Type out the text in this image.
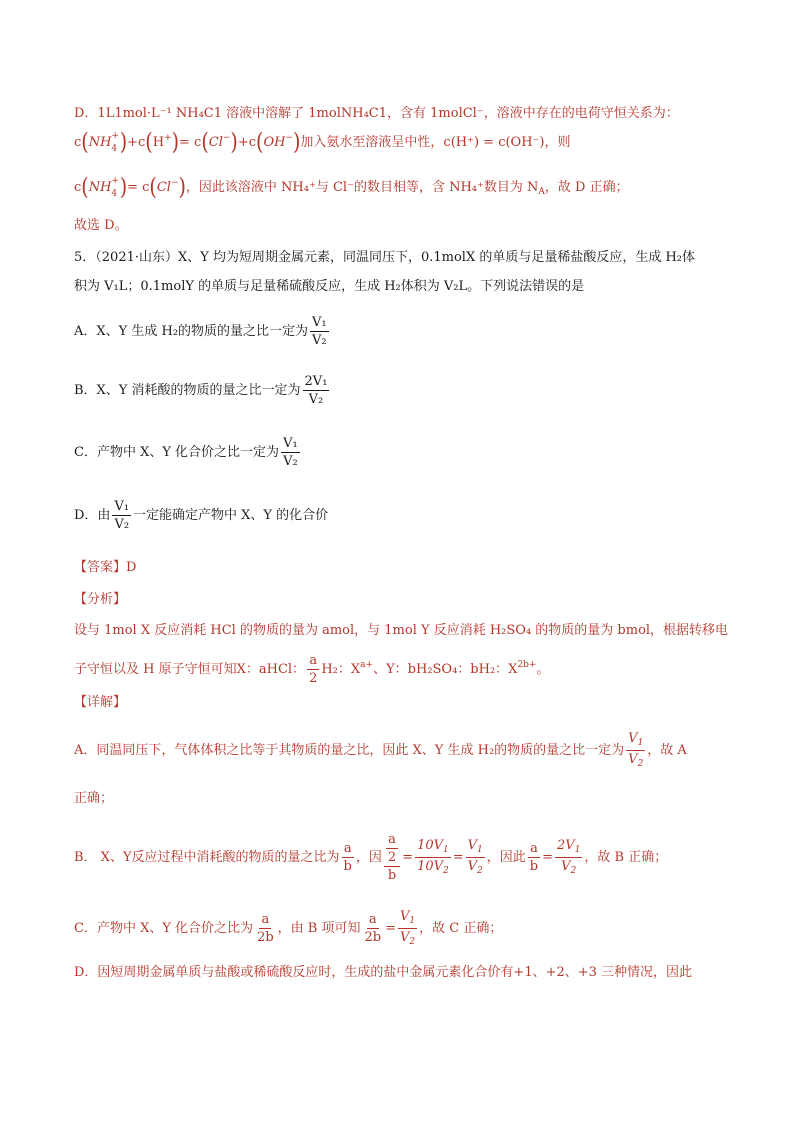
D．1L1mol·L⁻¹ NH₄C1 溶液中溶解了 1molNH₄C1，含有 1molCl⁻，溶液中存在的电荷守恒关系为：
c(NH +
4 )+c(H+)= c(Cl−)+c(OH−)加入氨水至溶液呈中性，c(H⁺) = c(OH⁻)，则
c(NH +
4 )= c(Cl−)，因此该溶液中 NH₄⁺与 Cl⁻的数目相等，含 NH₄⁺数目为 $N_A$，故 D 正确；
故选 D。
5．（2021·山东）X、Y 均为短周期金属元素，同温同压下，0.1molX 的单质与足量稀盐酸反应，生成 H₂体
积为 V₁L；0.1molY 的单质与足量稀硫酸反应，生成 H₂体积为 V₂L。下列说法错误的是
A．X、Y 生成 H₂的物质的量之比一定为 $\frac{\text{V₁}}{\text{V₂}}$
B．X、Y 消耗酸的物质的量之比一定为 $\frac{\text{2V₁}}{\text{V₂}}$
C．产物中 X、Y 化合价之比一定为 $\frac{\text{V₁}}{\text{V₂}}$
D．由 $\frac{\text{V₁}}{\text{V₂}}$ 一定能确定产物中 X、Y 的化合价
【答案】D
【分析】
设与 1mol X 反应消耗 HCl 的物质的量为 amol，与 1mol Y 反应消耗 H₂SO₄ 的物质的量为 bmol，根据转移电
子守恒以及 H 原子守恒可知X：aHCl： $\frac{a}{2} H_2$：$X^{a+}$、Y：bH₂SO₄：bH₂：$X^{2b+}$。
【详解】
A．同温同压下，气体体积之比等于其物质的量之比，因此 X、Y 生成 H₂的物质的量之比一定为 $\frac{V_1}{V_2}$ ，故 A
正确；
B． X、Y反应过程中消耗酸的物质的量之比为 $\frac{a}{b}$ ，因 $\frac{\frac{a}{2}}{b} = \frac{10V_1}{10V_2} = \frac{V_1}{V_2}$ ，因此 $\frac{a}{b} = \frac{2V_1}{V_2}$ ，故 B 正确；
C．产物中 X、Y 化合价之比为 $\frac{a}{2b}$ ，由 B 项可知 $\frac{a}{2b} = \frac{V_1}{V_2}$ ，故 C 正确；
D．因短周期金属单质与盐酸或稀硫酸反应时，生成的盐中金属元素化合价有+1、+2、+3 三种情况，因此
